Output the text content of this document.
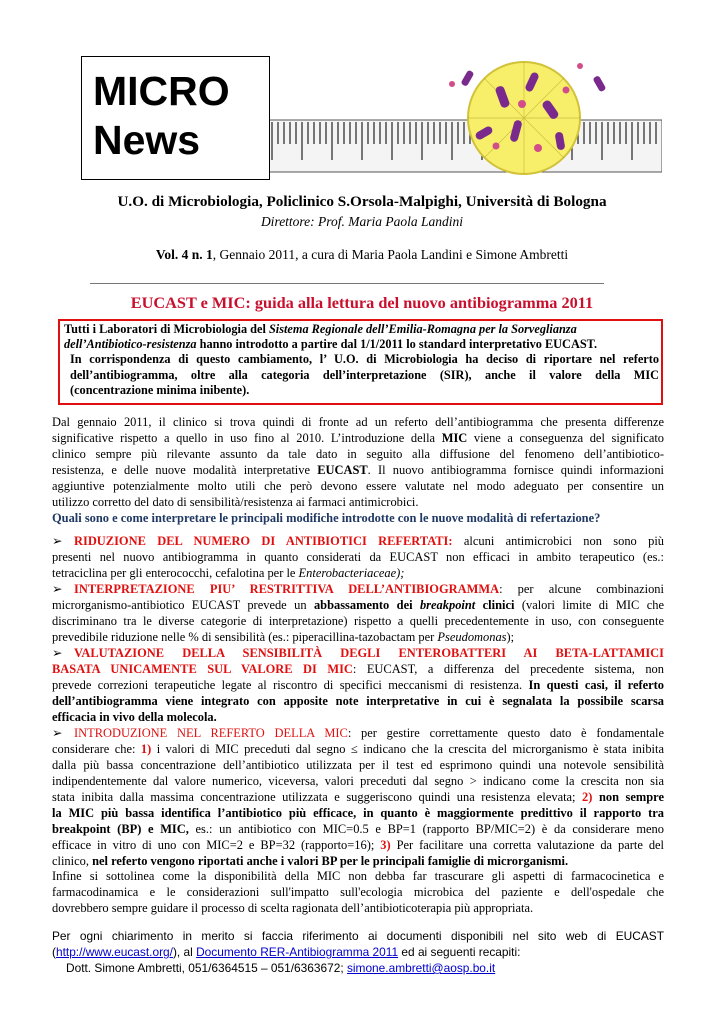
MICRO
News
U.O. di Microbiologia, Policlinico S.Orsola-Malpighi, Università di Bologna
Direttore: Prof. Maria Paola Landini
Vol. 4 n. 1, Gennaio 2011, a cura di Maria Paola Landini e Simone Ambretti
EUCAST e MIC: guida alla lettura del nuovo antibiogramma 2011
Tutti i Laboratori di Microbiologia del Sistema Regionale dell’Emilia-Romagna per la Sorveglianza
dell’Antibiotico-resistenza hanno introdotto a partire dal 1/1/2011 lo standard interpretativo EUCAST.
In corrispondenza di questo cambiamento, l’ U.O. di Microbiologia ha deciso di riportare nel referto
dell’antibiogramma, oltre alla categoria dell’interpretazione (SIR), anche il valore della MIC
(concentrazione minima inibente).
Dal gennaio 2011, il clinico si trova quindi di fronte ad un referto dell’antibiogramma che presenta differenze
significative rispetto a quello in uso fino al 2010. L’introduzione della MIC viene a conseguenza del significato
clinico sempre più rilevante assunto da tale dato in seguito alla diffusione del fenomeno dell’antibiotico-
resistenza, e delle nuove modalità interpretative EUCAST. Il nuovo antibiogramma fornisce quindi informazioni
aggiuntive potenzialmente molto utili che però devono essere valutate nel modo adeguato per consentire un
utilizzo corretto del dato di sensibilità/resistenza ai farmaci antimicrobici.
Quali sono e come interpretare le principali modifiche introdotte con le nuove modalità di refertazione?
➢ RIDUZIONE DEL NUMERO DI ANTIBIOTICI REFERTATI: alcuni antimicrobici non sono più
presenti nel nuovo antibiogramma in quanto considerati da EUCAST non efficaci in ambito terapeutico (es.:
tetraciclina per gli enterococchi, cefalotina per le Enterobacteriaceae);
➢ INTERPRETAZIONE PIU’ RESTRITTIVA DELL’ANTIBIOGRAMMA: per alcune combinazioni
microrganismo-antibiotico EUCAST prevede un abbassamento dei breakpoint clinici (valori limite di MIC che
discriminano tra le diverse categorie di interpretazione) rispetto a quelli precedentemente in uso, con conseguente
prevedibile riduzione nelle % di sensibilità (es.: piperacillina-tazobactam per Pseudomonas);
➢ VALUTAZIONE DELLA SENSIBILITÀ DEGLI ENTEROBATTERI AI BETA-LATTAMICI
BASATA UNICAMENTE SUL VALORE DI MIC: EUCAST, a differenza del precedente sistema, non
prevede correzioni terapeutiche legate al riscontro di specifici meccanismi di resistenza. In questi casi, il referto
dell’antibiogramma viene integrato con apposite note interpretative in cui è segnalata la possibile scarsa
efficacia in vivo della molecola.
➢ INTRODUZIONE NEL REFERTO DELLA MIC: per gestire correttamente questo dato è fondamentale
considerare che: 1) i valori di MIC preceduti dal segno ≤ indicano che la crescita del microrganismo è stata inibita
dalla più bassa concentrazione dell’antibiotico utilizzata per il test ed esprimono quindi una notevole sensibilità
indipendentemente dal valore numerico, viceversa, valori preceduti dal segno > indicano come la crescita non sia
stata inibita dalla massima concentrazione utilizzata e suggeriscono quindi una resistenza elevata; 2) non sempre
la MIC più bassa identifica l’antibiotico più efficace, in quanto è maggiormente predittivo il rapporto tra
breakpoint (BP) e MIC, es.: un antibiotico con MIC=0.5 e BP=1 (rapporto BP/MIC=2) è da considerare meno
efficace in vitro di uno con MIC=2 e BP=32 (rapporto=16); 3) Per facilitare una corretta valutazione da parte del
clinico, nel referto vengono riportati anche i valori BP per le principali famiglie di microrganismi.
Infine si sottolinea come la disponibilità della MIC non debba far trascurare gli aspetti di farmacocinetica e
farmacodinamica e le considerazioni sull'impatto sull'ecologia microbica del paziente e dell'ospedale che
dovrebbero sempre guidare il processo di scelta ragionata dell’antibioticoterapia più appropriata.
Per ogni chiarimento in merito si faccia riferimento ai documenti disponibili nel sito web di EUCAST
(http://www.eucast.org/), al Documento RER-Antibiogramma 2011 ed ai seguenti recapiti:
Dott. Simone Ambretti, 051/6364515 – 051/6363672; simone.ambretti@aosp.bo.it
